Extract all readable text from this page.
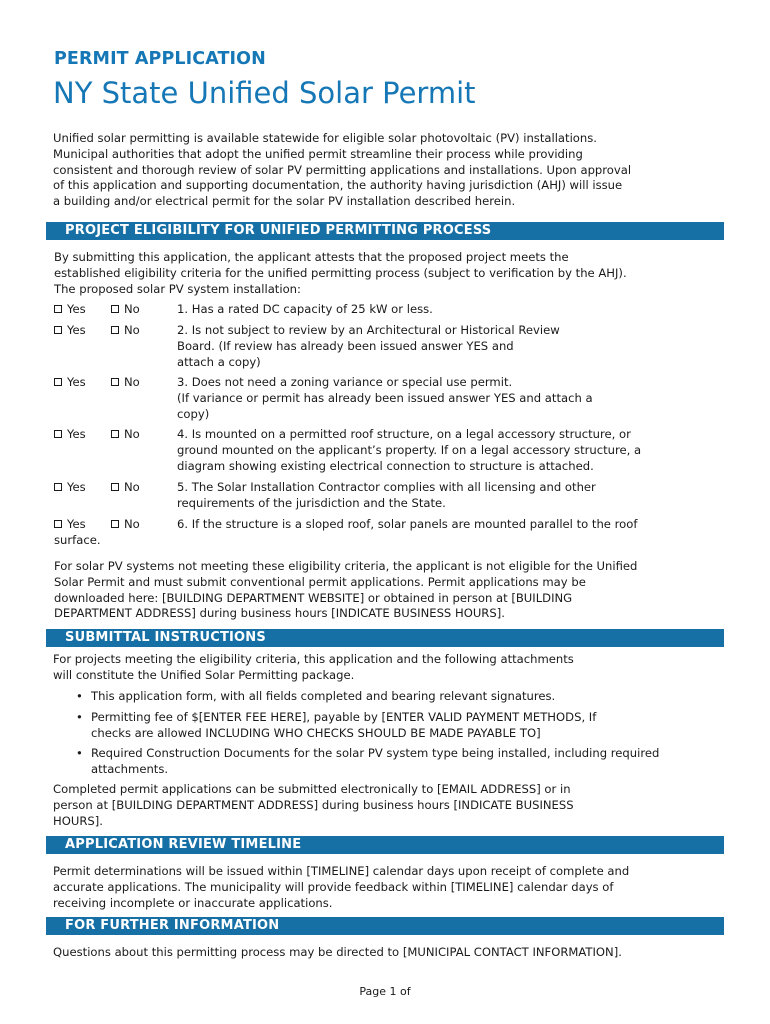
PERMIT APPLICATION
NY State Unified Solar Permit
Unified solar permitting is available statewide for eligible solar photovoltaic (PV) installations.
Municipal authorities that adopt the unified permit streamline their process while providing
consistent and thorough review of solar PV permitting applications and installations. Upon approval
of this application and supporting documentation, the authority having jurisdiction (AHJ) will issue
a building and/or electrical permit for the solar PV installation described herein.
PROJECT ELIGIBILITY FOR UNIFIED PERMITTING PROCESS
By submitting this application, the applicant attests that the proposed project meets the
established eligibility criteria for the unified permitting process (subject to verification by the AHJ).
The proposed solar PV system installation:
Yes	No	1. Has a rated DC capacity of 25 kW or less.
Yes	No	2. Is not subject to review by an Architectural or Historical Review
Board. (If review has already been issued answer YES and
attach a copy)
Yes	No	3. Does not need a zoning variance or special use permit.
(If variance or permit has already been issued answer YES and attach a
copy)
Yes	No	4. Is mounted on a permitted roof structure, on a legal accessory structure, or
ground mounted on the applicant’s property. If on a legal accessory structure, a
diagram showing existing electrical connection to structure is attached.
Yes	No	5. The Solar Installation Contractor complies with all licensing and other
requirements of the jurisdiction and the State.
Yes	No	6. If the structure is a sloped roof, solar panels are mounted parallel to the roof
surface.
For solar PV systems not meeting these eligibility criteria, the applicant is not eligible for the Unified
Solar Permit and must submit conventional permit applications. Permit applications may be
downloaded here: [BUILDING DEPARTMENT WEBSITE] or obtained in person at [BUILDING
DEPARTMENT ADDRESS] during business hours [INDICATE BUSINESS HOURS].
SUBMITTAL INSTRUCTIONS
For projects meeting the eligibility criteria, this application and the following attachments
will constitute the Unified Solar Permitting package.
• This application form, with all fields completed and bearing relevant signatures.
• Permitting fee of $[ENTER FEE HERE], payable by [ENTER VALID PAYMENT METHODS, If
checks are allowed INCLUDING WHO CHECKS SHOULD BE MADE PAYABLE TO]
• Required Construction Documents for the solar PV system type being installed, including required
attachments.
Completed permit applications can be submitted electronically to [EMAIL ADDRESS] or in
person at [BUILDING DEPARTMENT ADDRESS] during business hours [INDICATE BUSINESS
HOURS].
APPLICATION REVIEW TIMELINE
Permit determinations will be issued within [TIMELINE] calendar days upon receipt of complete and
accurate applications. The municipality will provide feedback within [TIMELINE] calendar days of
receiving incomplete or inaccurate applications.
FOR FURTHER INFORMATION
Questions about this permitting process may be directed to [MUNICIPAL CONTACT INFORMATION].
Page 1 of
